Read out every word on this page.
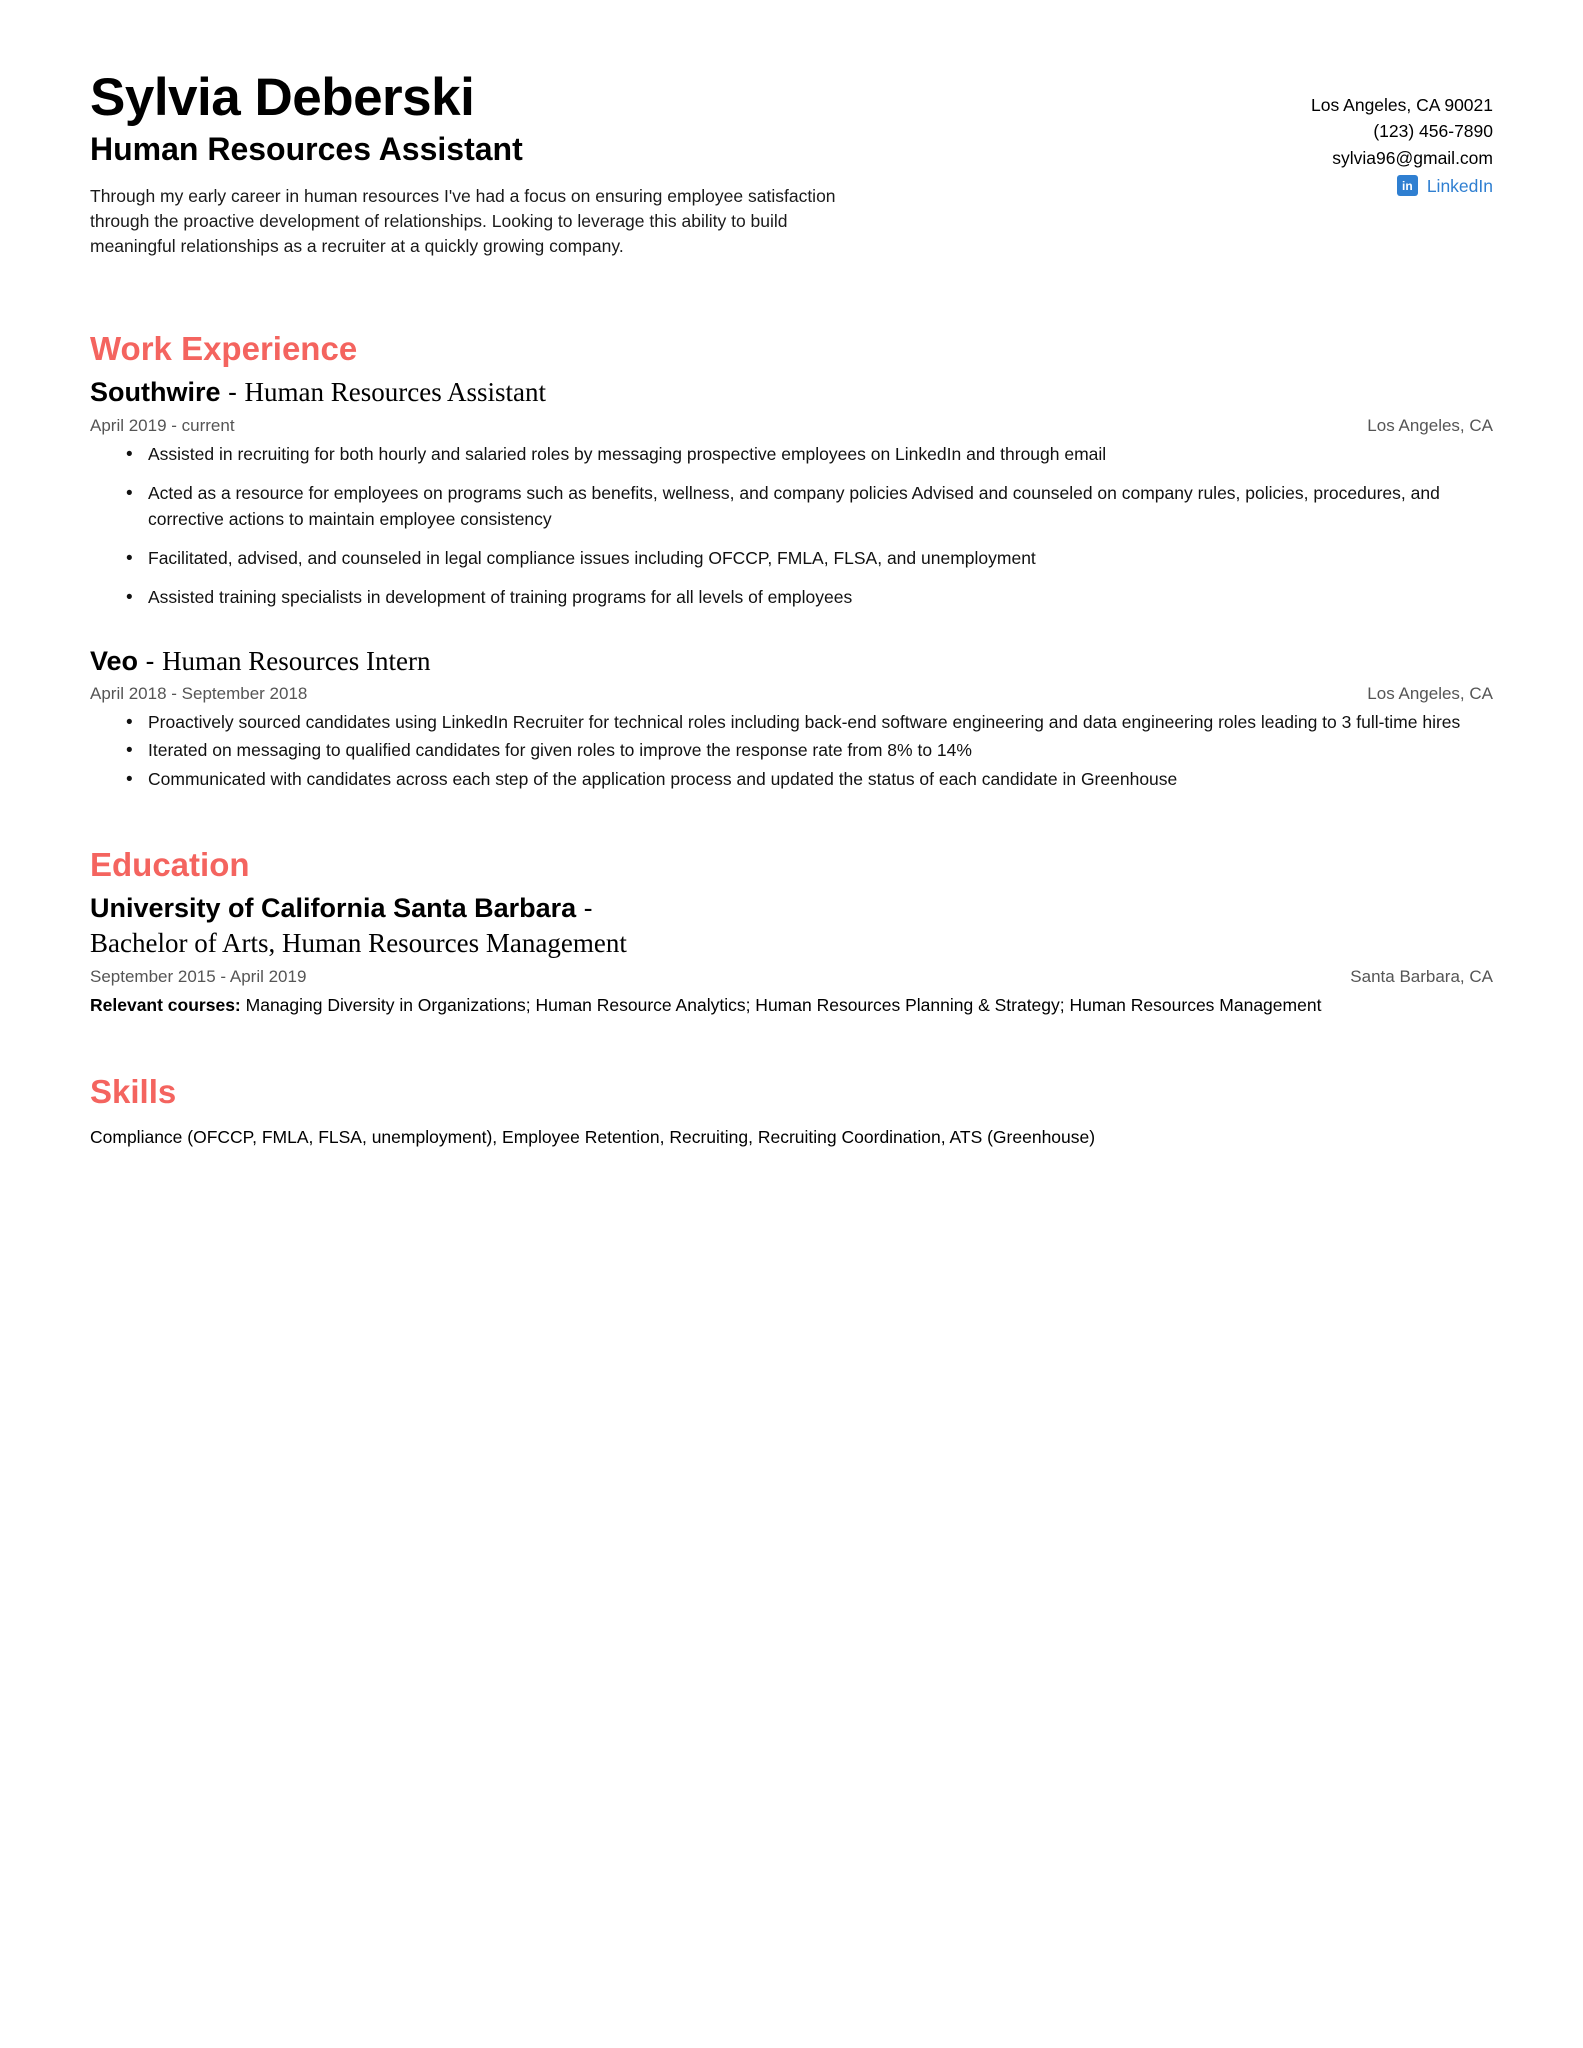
Sylvia Deberski
Human Resources Assistant

Through my early career in human resources I've had a focus on ensuring employee satisfaction through the proactive development of relationships. Looking to leverage this ability to build meaningful relationships as a recruiter at a quickly growing company.

Los Angeles, CA 90021
(123) 456-7890
sylvia96@gmail.com
in LinkedIn
Work Experience
Southwire - Human Resources Assistant
April 2019 - current	Los Angeles, CA
• Assisted in recruiting for both hourly and salaried roles by messaging prospective employees on LinkedIn and through email
• Acted as a resource for employees on programs such as benefits, wellness, and company policies Advised and counseled on company rules, policies, procedures, and corrective actions to maintain employee consistency
• Facilitated, advised, and counseled in legal compliance issues including OFCCP, FMLA, FLSA, and unemployment
• Assisted training specialists in development of training programs for all levels of employees
Veo - Human Resources Intern
April 2018 - September 2018	Los Angeles, CA
• Proactively sourced candidates using LinkedIn Recruiter for technical roles including back-end software engineering and data engineering roles leading to 3 full-time hires
• Iterated on messaging to qualified candidates for given roles to improve the response rate from 8% to 14%
• Communicated with candidates across each step of the application process and updated the status of each candidate in Greenhouse
Education
University of California Santa Barbara -
Bachelor of Arts, Human Resources Management
September 2015 - April 2019	Santa Barbara, CA
Relevant courses: Managing Diversity in Organizations; Human Resource Analytics; Human Resources Planning & Strategy; Human Resources Management
Skills
Compliance (OFCCP, FMLA, FLSA, unemployment), Employee Retention, Recruiting, Recruiting Coordination, ATS (Greenhouse)
